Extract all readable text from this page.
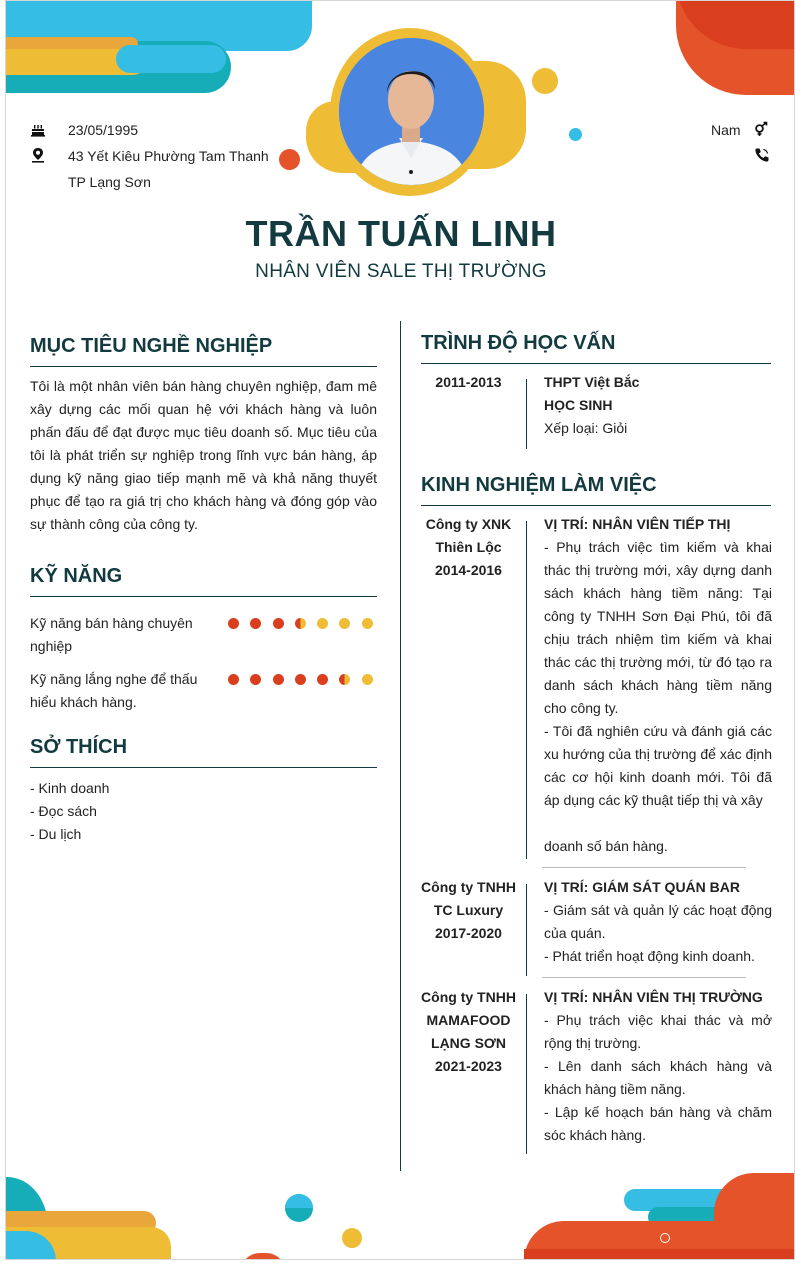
23/05/1995
43 Yết Kiêu Phường Tam Thanh
TP Lạng Sơn
Nam
TRẦN TUẤN LINH
NHÂN VIÊN SALE THỊ TRƯỜNG
MỤC TIÊU NGHỀ NGHIỆP
Tôi là một nhân viên bán hàng chuyên nghiệp, đam mê xây dựng các mối quan hệ với khách hàng và luôn phấn đấu để đạt được mục tiêu doanh số. Mục tiêu của tôi là phát triển sự nghiệp trong lĩnh vực bán hàng, áp dụng kỹ năng giao tiếp mạnh mẽ và khả năng thuyết phục để tạo ra giá trị cho khách hàng và đóng góp vào sự thành công của công ty.
KỸ NĂNG
Kỹ năng bán hàng chuyên nghiệp
Kỹ năng lắng nghe để thấu hiểu khách hàng.
SỞ THÍCH
- Kinh doanh
- Đọc sách
- Du lịch
TRÌNH ĐỘ HỌC VẤN
2011-2013	THPT Việt Bắc
HỌC SINH
Xếp loại: Giỏi
KINH NGHIỆM LÀM VIỆC
Công ty XNK
Thiên Lộc
2014-2016
VỊ TRÍ: NHÂN VIÊN TIẾP THỊ
- Phụ trách việc tìm kiếm và khai thác thị trường mới, xây dựng danh sách khách hàng tiềm năng: Tại công ty TNHH Sơn Đại Phú, tôi đã chịu trách nhiệm tìm kiếm và khai thác các thị trường mới, từ đó tạo ra danh sách khách hàng tiềm năng cho công ty.
- Tôi đã nghiên cứu và đánh giá các xu hướng của thị trường để xác định các cơ hội kinh doanh mới. Tôi đã áp dụng các kỹ thuật tiếp thị và xây
doanh số bán hàng.
Công ty TNHH
TC Luxury
2017-2020
VỊ TRÍ: GIÁM SÁT QUÁN BAR
- Giám sát và quản lý các hoạt động của quán.
- Phát triển hoạt động kinh doanh.
Công ty TNHH
MAMAFOOD
LẠNG SƠN
2021-2023
VỊ TRÍ: NHÂN VIÊN THỊ TRƯỜNG
- Phụ trách việc khai thác và mở rộng thị trường.
- Lên danh sách khách hàng và khách hàng tiềm năng.
- Lập kế hoạch bán hàng và chăm sóc khách hàng.
